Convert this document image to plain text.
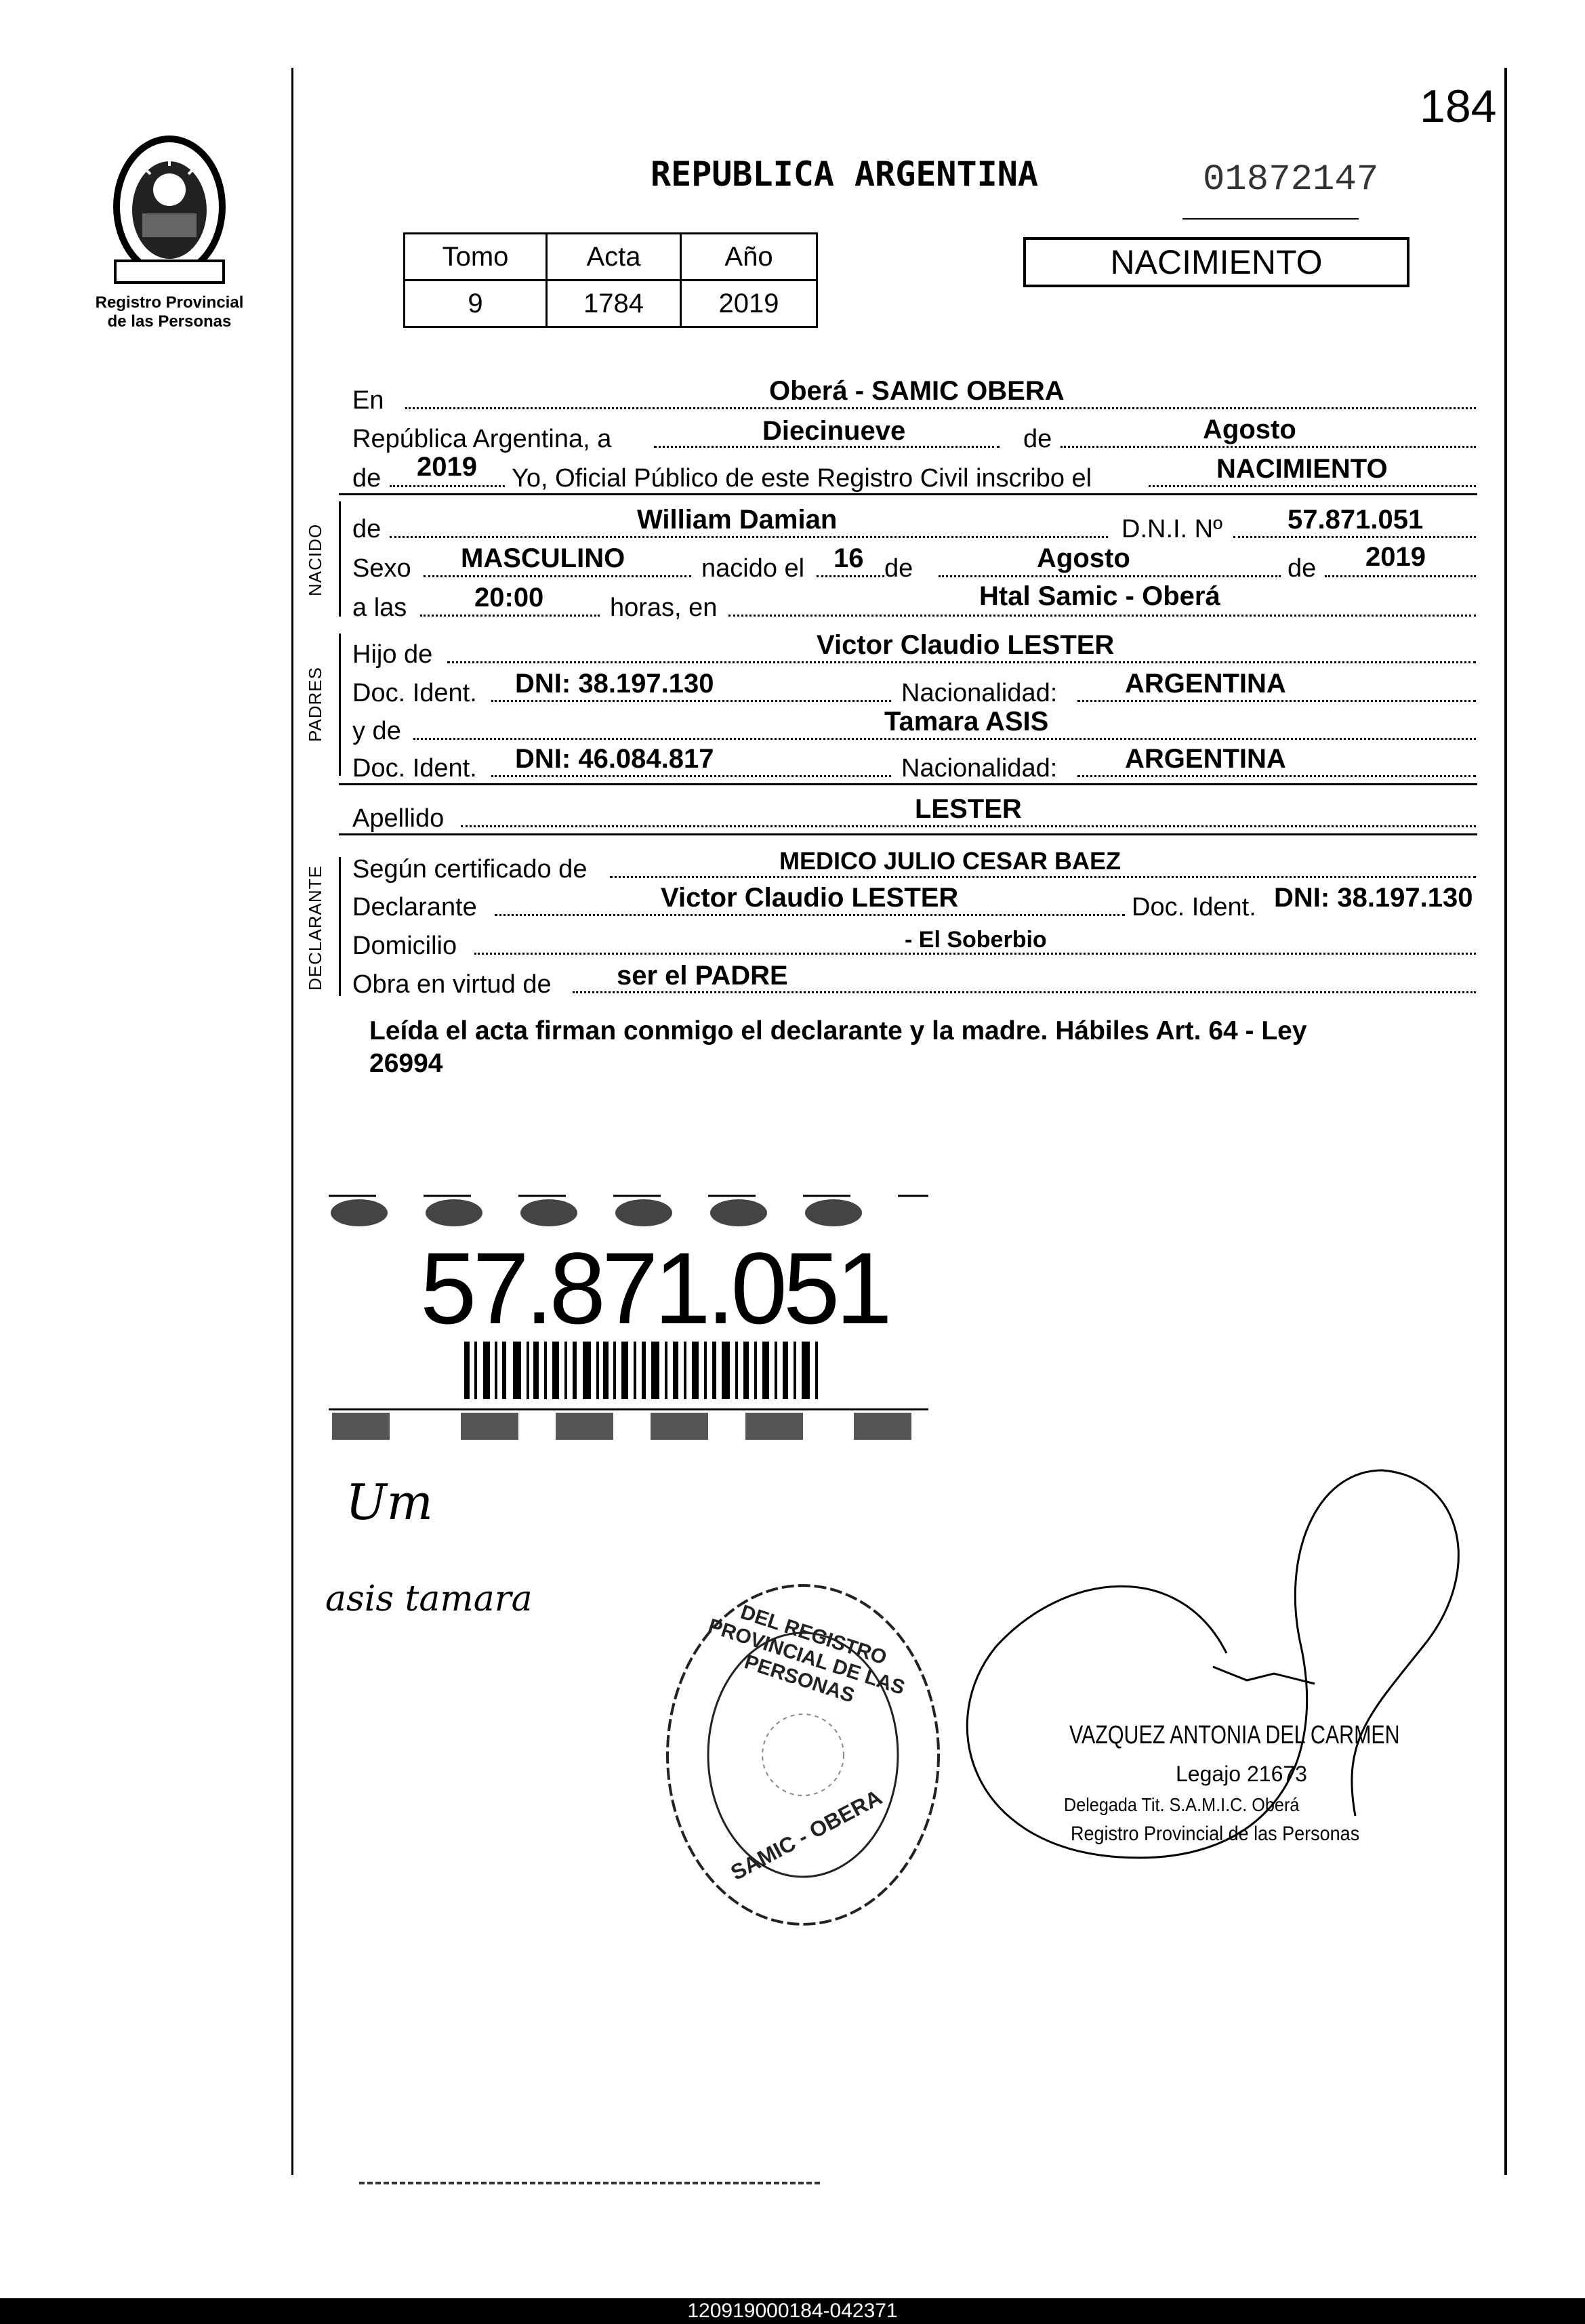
184
Registro Provincial
de las Personas
REPUBLICA ARGENTINA	01872147
Tomo	Acta	Año
9	1784	2019
NACIMIENTO
En	Oberá - SAMIC OBERA
República Argentina, a	Diecinueve	de	Agosto
de 2019 Yo, Oficial Público de este Registro Civil inscribo el	NACIMIENTO
NACIDO de	William Damian	D.N.I. Nº 57.871.051
Sexo MASCULINO	nacido el 16 de	Agosto	de 2019
a las 20:00	horas, en	Htal Samic - Oberá
PADRES
Hijo de	Victor Claudio LESTER
Doc. Ident. DNI: 38.197.130	Nacionalidad: ARGENTINA
y de	Tamara ASIS
Doc. Ident. DNI: 46.084.817	Nacionalidad: ARGENTINA
Apellido	LESTER
DECLARANTE Según certificado de	MEDICO JULIO CESAR BAEZ
Declarante	Victor Claudio LESTER	Doc. Ident. DNI: 38.197.130
Domicilio	- El Soberbio
Obra en virtud de ser el PADRE
Leída el acta firman conmigo el declarante y la madre. Hábiles Art. 64 - Ley
26994
57.871.051
Um
asis tamara
DEL REGISTRO PROVINCIAL DE LAS PERSONAS
SAMIC - OBERA
VAZQUEZ ANTONIA DEL CARMEN
Legajo 21673
Delegada Tit. S.A.M.I.C. Oberá
Registro Provincial de las Personas
120919000184-042371
